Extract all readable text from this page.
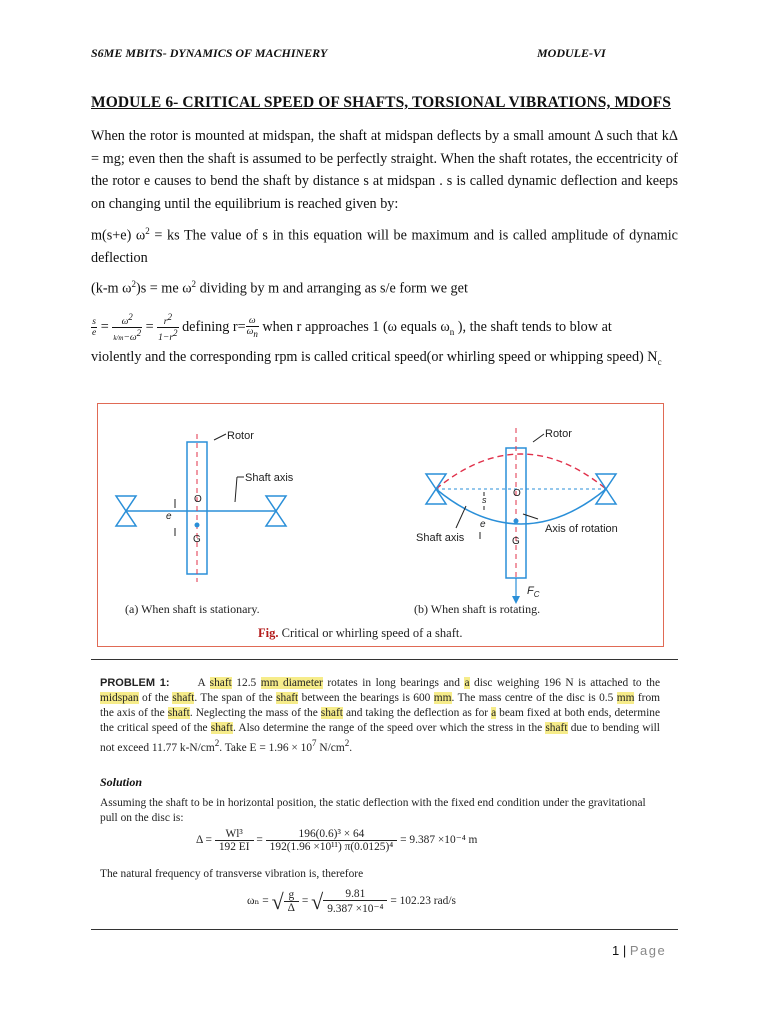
S6ME MBITS- DYNAMICS OF MACHINERY	MODULE-VI
MODULE 6- CRITICAL SPEED OF SHAFTS, TORSIONAL VIBRATIONS, MDOFS
When the rotor is mounted at midspan, the shaft at midspan deflects by a small amount Δ such that kΔ = mg; even then the shaft is assumed to be perfectly straight. When the shaft rotates, the eccentricity of the rotor e causes to bend the shaft by distance s at midspan . s is called dynamic deflection and keeps on changing until the equilibrium is reached given by:
m(s+e) $\omega^2$ = ks The value of s in this equation will be maximum and is called amplitude of dynamic deflection
(k-m $\omega^2)s$ = me $\omega^2$ dividing by m and arranging as s/e form we get
$\frac{s}{e} = \frac{\omega^2}{k/m-\omega^2} = \frac{r^2}{1-r^2}$ defining $r= \frac{\omega}{\omega_n}$ when r approaches 1 (ω equals $\omega_n$ ), the shaft tends to blow at
violently and the corresponding rpm is called critical speed(or whirling speed or whipping speed) $N_c$
Rotor
Shaft axis
O
G
e
Rotor
O
s
e
G
Shaft axis
Axis of rotation
$F_C$
(a) When shaft is stationary.	(b) When shaft is rotating.
Fig. Critical or whirling speed of a shaft.
PROBLEM 1: A shaft 12.5 mm diameter rotates in long bearings and a disc weighing 196 N is attached to the midspan of the shaft. The span of the shaft between the bearings is 600 mm. The mass centre of the disc is 0.5 mm from the axis of the shaft. Neglecting the mass of the shaft and taking the deflection as for a beam fixed at both ends, determine the critical speed of the shaft. Also determine the range of the speed over which the stress in the shaft due to bending will not exceed 11.77 $k-N/cm^2$. Take $E = 1.96 \times 10^7$ $N/cm^2$.
Solution
Assuming the shaft to be in horizontal position, the static deflection with the fixed end condition under the gravitational pull on the disc is:
$\Delta = \frac{\text{Wl³}}{192 EI} = \frac{\text{196(0.6)³ × 64}}{\text{192(1.96 ×10¹¹) π(0.0125)⁴}} = 9.387 \times 10^{-4}$ m
The natural frequency of transverse vibration is, therefore
ωₙ = √ $\frac{g}{\Delta}$ = √ $\frac{9.81}{\text{9.387 ×10⁻⁴}} = 102.23$ rad/s
1 | Page
